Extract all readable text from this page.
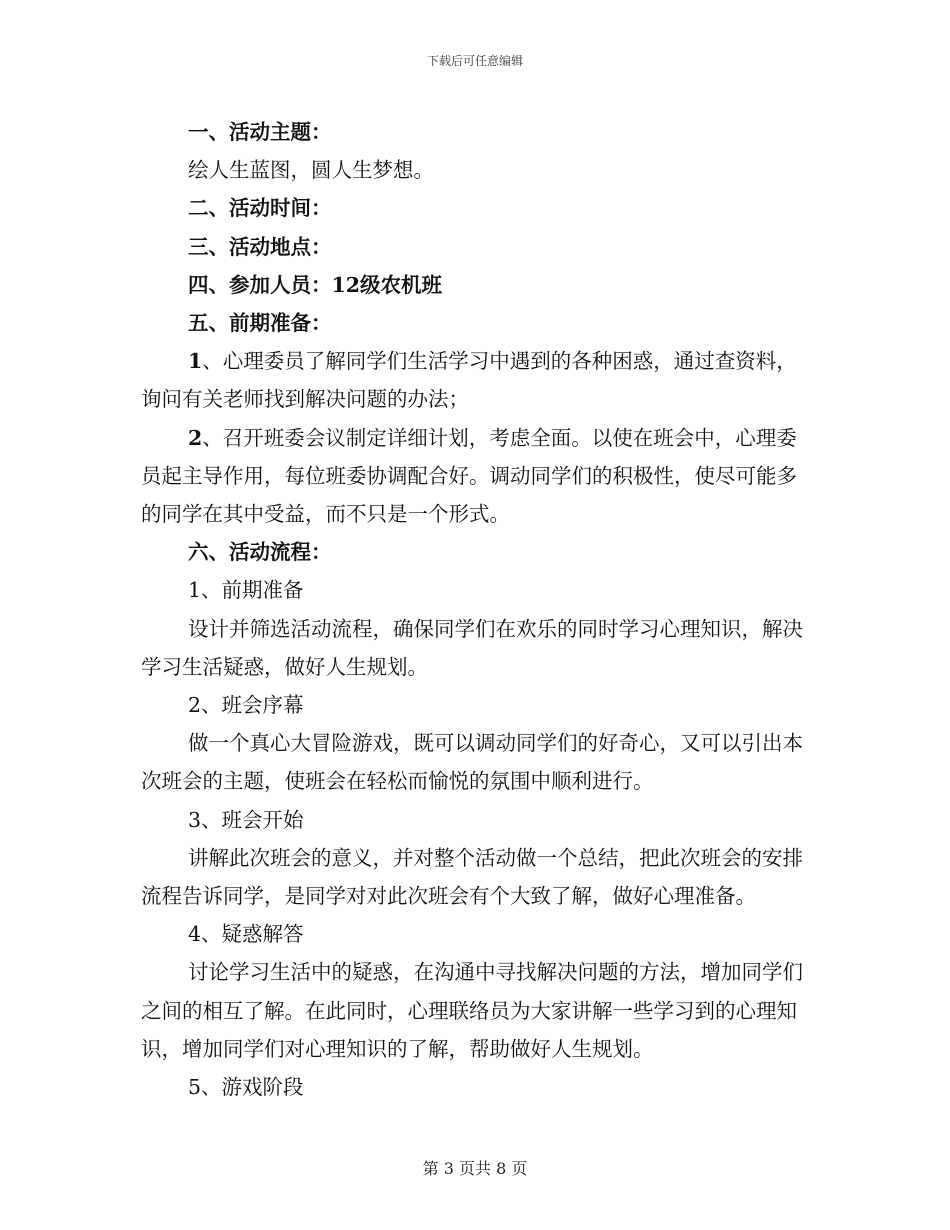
下载后可任意编辑

一、活动主题：

绘人生蓝图，圆人生梦想。

二、活动时间：

三、活动地点：

四、参加人员：12级农机班

五、前期准备：

1、心理委员了解同学们生活学习中遇到的各种困惑，通过查资料，询问有关老师找到解决问题的办法；

2、召开班委会议制定详细计划，考虑全面。以使在班会中，心理委员起主导作用，每位班委协调配合好。调动同学们的积极性，使尽可能多的同学在其中受益，而不只是一个形式。

六、活动流程：

1、前期准备

设计并筛选活动流程，确保同学们在欢乐的同时学习心理知识，解决学习生活疑惑，做好人生规划。

2、班会序幕

做一个真心大冒险游戏，既可以调动同学们的好奇心，又可以引出本次班会的主题，使班会在轻松而愉悦的氛围中顺利进行。

3、班会开始

讲解此次班会的意义，并对整个活动做一个总结，把此次班会的安排流程告诉同学，是同学对对此次班会有个大致了解，做好心理准备。

4、疑惑解答

讨论学习生活中的疑惑，在沟通中寻找解决问题的方法，增加同学们之间的相互了解。在此同时，心理联络员为大家讲解一些学习到的心理知识，增加同学们对心理知识的了解，帮助做好人生规划。

5、游戏阶段

第 3 页共 8 页
